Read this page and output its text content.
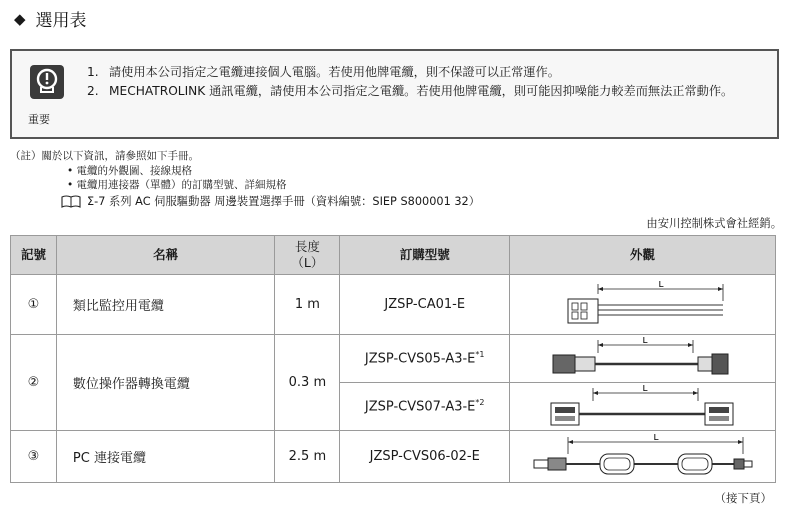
◆ 選用表
重要
1. 請使用本公司指定之電纜連接個人電腦。若使用他牌電纜，則不保證可以正常運作。
2. MECHATROLINK 通訊電纜，請使用本公司指定之電纜。若使用他牌電纜，則可能因抑噪能力較差而無法正常動作。
（註）關於以下資訊，請參照如下手冊。
• 電纜的外觀圖、接線規格
• 電纜用連接器（單體）的訂購型號、詳細規格
Σ-7 系列 AC 伺服驅動器 周邊裝置選擇手冊（資料編號：SIEP S800001 32）
由安川控制株式會社經銷。
記號	名稱	長度（L）	訂購型號	外觀
①	類比監控用電纜	1 m	JZSP-CA01-E	L

②	數位操作器轉換電纜	0.3 m	JZSP-$CVS05-A3-E^{*1}$	L

			JZSP-$CVS07-A3-E^{*2}$	L

③	PC 連接電纜	2.5 m	JZSP-CVS06-02-E	L
（接下頁）
